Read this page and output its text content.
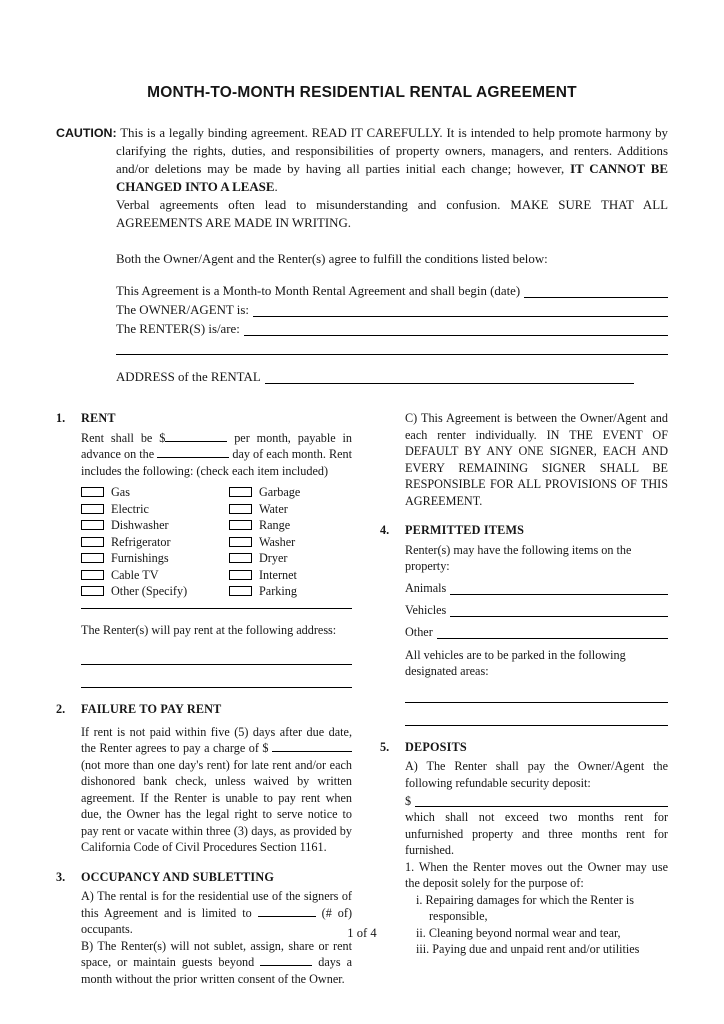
MONTH-TO-MONTH RESIDENTIAL RENTAL AGREEMENT

CAUTION: This is a legally binding agreement. READ IT CAREFULLY. It is intended to help promote harmony by clarifying the rights, duties, and responsibilities of property owners, managers, and renters. Additions and/or deletions may be made by having all parties initial each change; however, IT CANNOT BE CHANGED INTO A LEASE.

Verbal agreements often lead to misunderstanding and confusion. MAKE SURE THAT ALL AGREEMENTS ARE MADE IN WRITING.

Both the Owner/Agent and the Renter(s) agree to fulfill the conditions listed below:

This Agreement is a Month-to Month Rental Agreement and shall begin (date)
The OWNER/AGENT is:
The RENTER(S) is/are:
ADDRESS of the RENTAL
1.	RENT

Rent shall be $	per month, payable in advance on the	day of each month. Rent includes the following: (check each item included)

Gas	Garbage
Electric	Water
Dishwasher	Range
Refrigerator	Washer
Furnishings	Dryer
Cable TV	Internet
Other (Specify)	Parking

The Renter(s) will pay rent at the following address:

2.	FAILURE TO PAY RENT

If rent is not paid within five (5) days after due date, the Renter agrees to pay a charge of $  (not more than one day's rent) for late rent and/or each dishonored bank check, unless waived by written agreement. If the Renter is unable to pay rent when due, the Owner has the legal right to serve notice to pay rent or vacate within three (3) days, as provided by California Code of Civil Procedures Section 1161.

3.	OCCUPANCY AND SUBLETTING

A) The rental is for the residential use of the signers of this Agreement and is limited to	(# of) occupants.

B) The Renter(s) will not sublet, assign, share or rent space, or maintain guests beyond	days a month without the prior written consent of the Owner.

C) This Agreement is between the Owner/Agent and each renter individually. IN THE EVENT OF DEFAULT BY ANY ONE SIGNER, EACH AND EVERY REMAINING SIGNER SHALL BE RESPONSIBLE FOR ALL PROVISIONS OF THIS AGREEMENT.

4.	PERMITTED ITEMS

Renter(s) may have the following items on the property:

Animals
Vehicles
Other

All vehicles are to be parked in the following designated areas:

5.	DEPOSITS

A) The Renter shall pay the Owner/Agent the following refundable security deposit:

$

which shall not exceed two months rent for unfurnished property and three months rent for furnished.

1. When the Renter moves out the Owner may use the deposit solely for the purpose of:

i. Repairing damages for which the Renter is responsible,

ii. Cleaning beyond normal wear and tear,

iii. Paying due and unpaid rent and/or utilities

1 of 4
